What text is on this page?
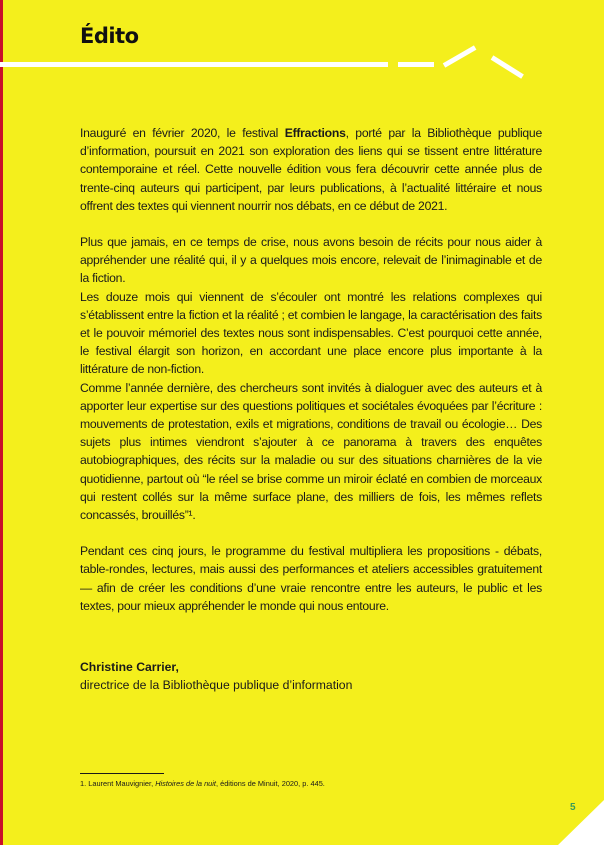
Édito

Inauguré en février 2020, le festival Effractions, porté par la Bibliothèque publique d’information, poursuit en 2021 son exploration des liens qui se tissent entre littérature contemporaine et réel. Cette nouvelle édition vous fera découvrir cette année plus de trente-cinq auteurs qui participent, par leurs publications, à l’actualité littéraire et nous offrent des textes qui viennent nourrir nos débats, en ce début de 2021.

Plus que jamais, en ce temps de crise, nous avons besoin de récits pour nous aider à appréhender une réalité qui, il y a quelques mois encore, relevait de l’inimaginable et de la fiction.

Les douze mois qui viennent de s’écouler ont montré les relations complexes qui s’établissent entre la fiction et la réalité ; et combien le langage, la caractérisation des faits et le pouvoir mémoriel des textes nous sont indispensables. C’est pourquoi cette année, le festival élargit son horizon, en accordant une place encore plus importante à la littérature de non-fiction.

Comme l’année dernière, des chercheurs sont invités à dialoguer avec des auteurs et à apporter leur expertise sur des questions politiques et sociétales évoquées par l’écriture : mouvements de protestation, exils et migrations, conditions de travail ou écologie… Des sujets plus intimes viendront s’ajouter à ce panorama à travers des enquêtes autobiographiques, des récits sur la maladie ou sur des situations charnières de la vie quotidienne, partout où “le réel se brise comme un miroir éclaté en combien de morceaux qui restent collés sur la même surface plane, des milliers de fois, les mêmes reflets concassés, brouillés”¹.

Pendant ces cinq jours, le programme du festival multipliera les propositions - débats, table-rondes, lectures, mais aussi des performances et ateliers accessibles gratuitement — afin de créer les conditions d’une vraie rencontre entre les auteurs, le public et les textes, pour mieux appréhender le monde qui nous entoure.

Christine Carrier,
directrice de la Bibliothèque publique d’information
1. Laurent Mauvignier, Histoires de la nuit, éditions de Minuit, 2020, p. 445.
5
